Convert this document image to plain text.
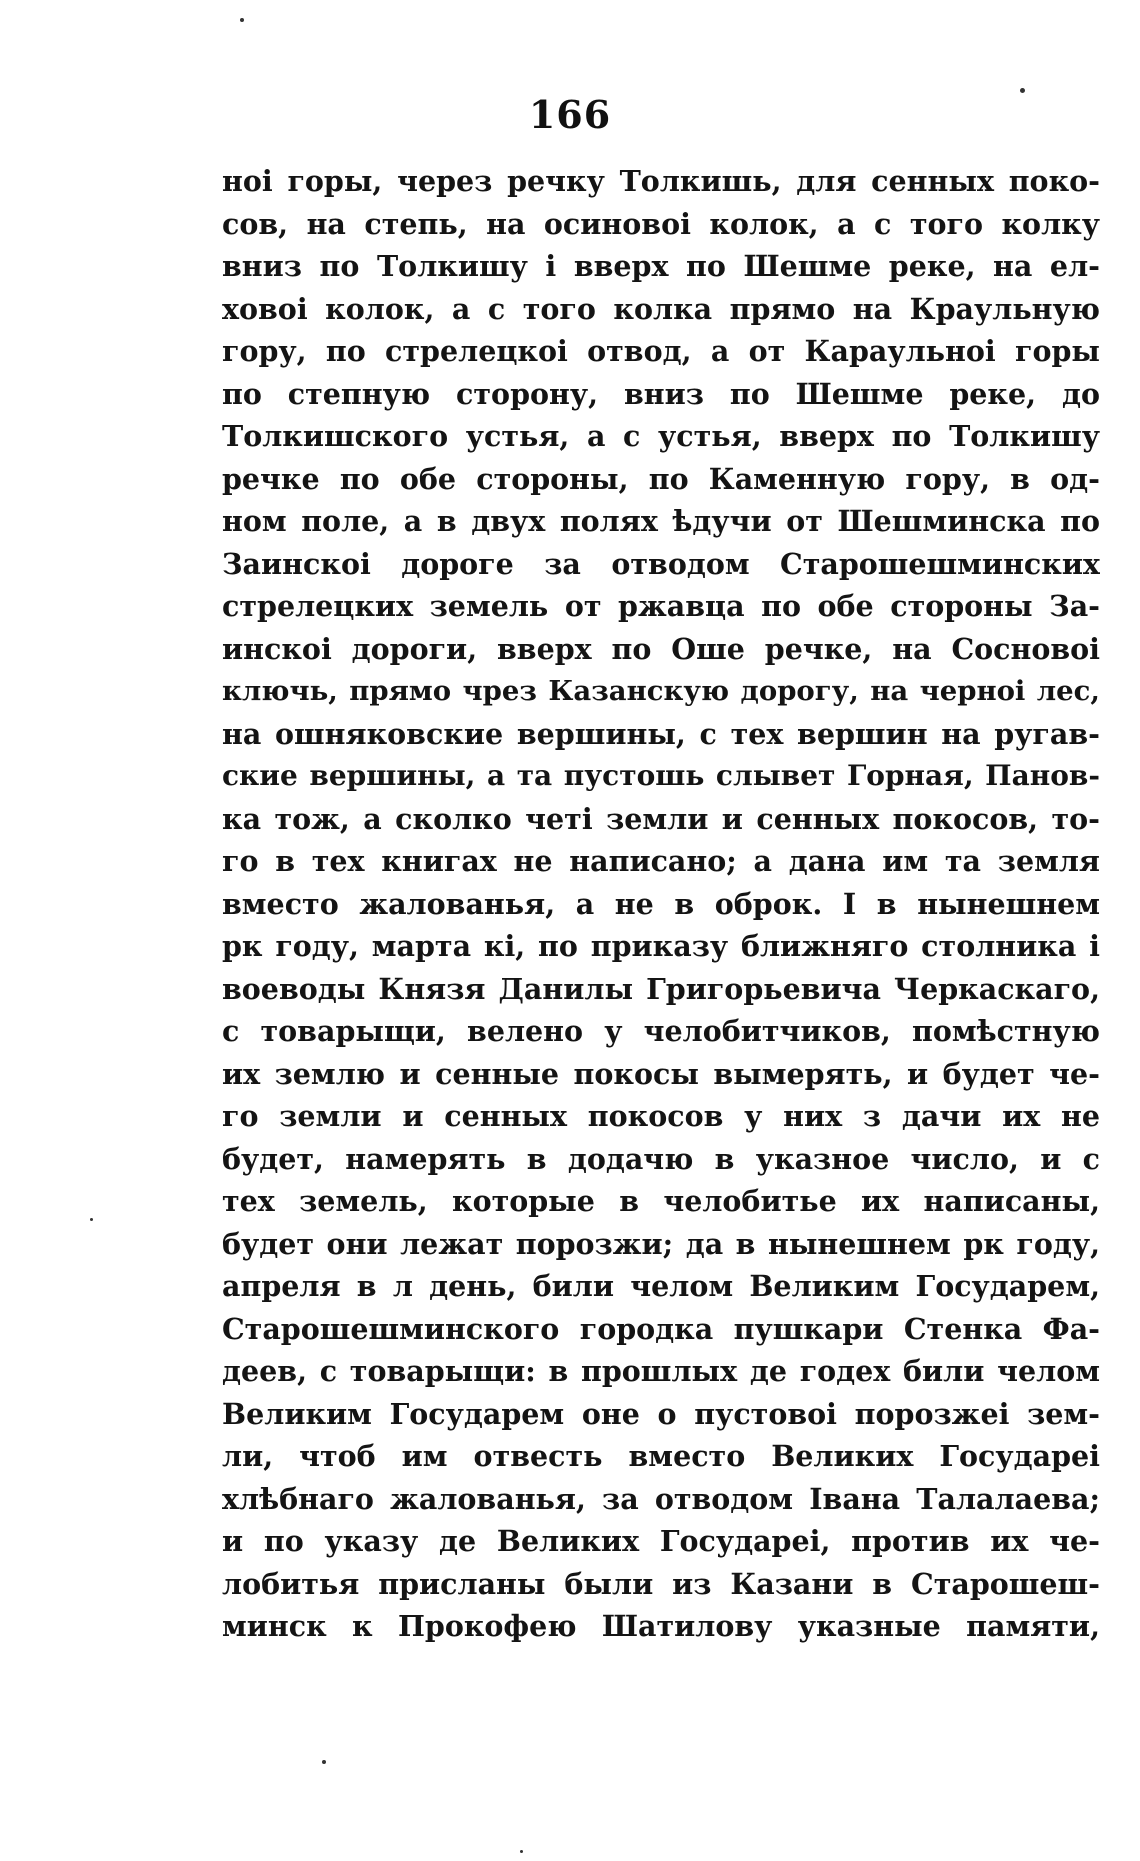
166
ноі горы, через речку Толкишь, для сенных поко-
сов, на степь, на осиновоі колок, а с того колку
вниз по Толкишу і вверх по Шешме реке, на ел-
ховоі колок, а с того колка прямо на Краульную
гору, по стрелецкоі отвод, а от Караульноі горы
по степную сторону, вниз по Шешме реке, до
Толкишского устья, а с устья, вверх по Толкишу
речке по обе стороны, по Каменную гору, в од-
ном поле, а в двух полях ѣдучи от Шешминска по
Заинскоі дороге за отводом Старошешминских
стрелецких земель от ржавца по обе стороны За-
инскоі дороги, вверх по Оше речке, на Сосновоі
ключь, прямо чрез Казанскую дорогу, на черноі лес,
на ошняковские вершины, с тех вершин на ругав-
ские вершины, а та пустошь слывет Горная, Панов-
ка тож, а сколко четі земли и сенных покосов, то-
го в тех книгах не написано; а дана им та земля
вместо жалованья, а не в оброк. І в нынешнем
рк году, марта кі, по приказу ближняго столника і
воеводы Князя Данилы Григорьевича Черкаскаго,
с товарыщи, велено у челобитчиков, помѣстную
их землю и сенные покосы вымерять, и будет че-
го земли и сенных покосов у них з дачи их не
будет, намерять в додачю в указное число, и с
тех земель, которые в челобитье их написаны,
будет они лежат порозжи; да в нынешнем рк году,
апреля в л день, били челом Великим Государем,
Старошешминского городка пушкари Стенка Фа-
деев, с товарыщи: в прошлых де годех били челом
Великим Государем оне о пустовоі порозжеі зем-
ли, чтоб им отвесть вместо Великих Государеі
хлѣбнаго жалованья, за отводом Івана Талалаева;
и по указу де Великих Государеі, против их че-
лобитья присланы были из Казани в Старошеш-
минск к Прокофею Шатилову указные памяти,
